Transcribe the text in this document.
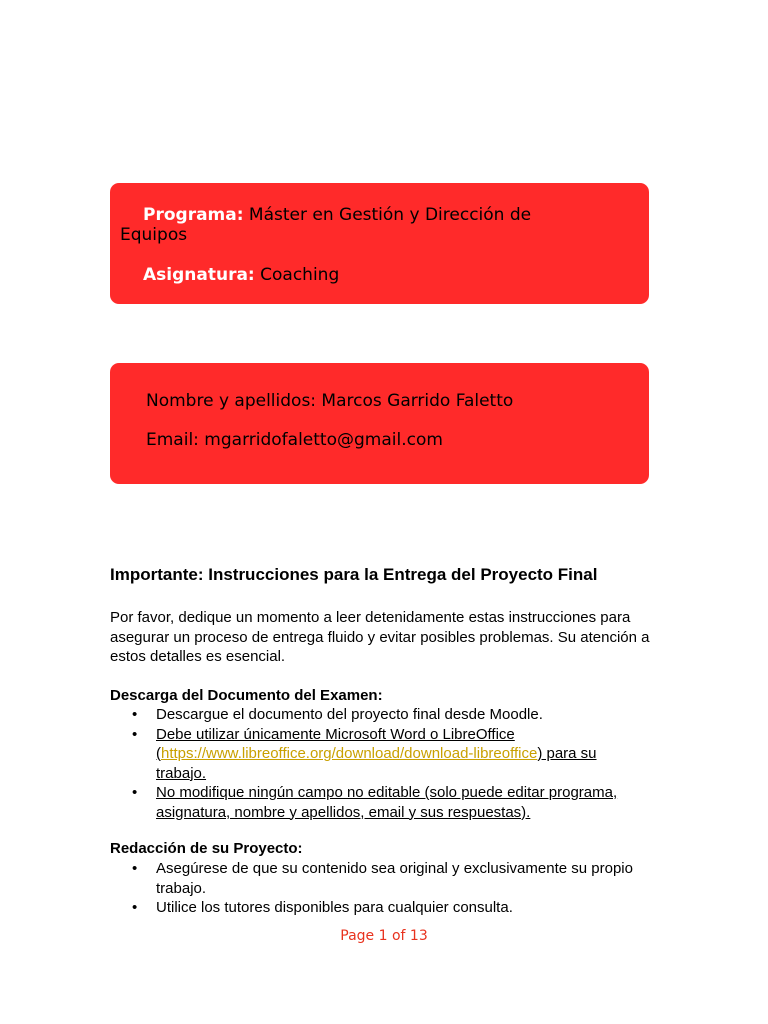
Programa: Máster en Gestión y Dirección de
Equipos
Asignatura: Coaching
Nombre y apellidos: Marcos Garrido Faletto
Email: mgarridofaletto@gmail.com
Importante: Instrucciones para la Entrega del Proyecto Final
Por favor, dedique un momento a leer detenidamente estas instrucciones para asegurar un proceso de entrega fluido y evitar posibles problemas. Su atención a estos detalles es esencial.
Descarga del Documento del Examen:
• Descargue el documento del proyecto final desde Moodle.
• Debe utilizar únicamente Microsoft Word o LibreOffice (https://www.libreoffice.org/download/download-libreoffice) para su trabajo.
• No modifique ningún campo no editable (solo puede editar programa, asignatura, nombre y apellidos, email y sus respuestas).
Redacción de su Proyecto:
• Asegúrese de que su contenido sea original y exclusivamente su propio trabajo.
• Utilice los tutores disponibles para cualquier consulta.
Page 1 of 13
